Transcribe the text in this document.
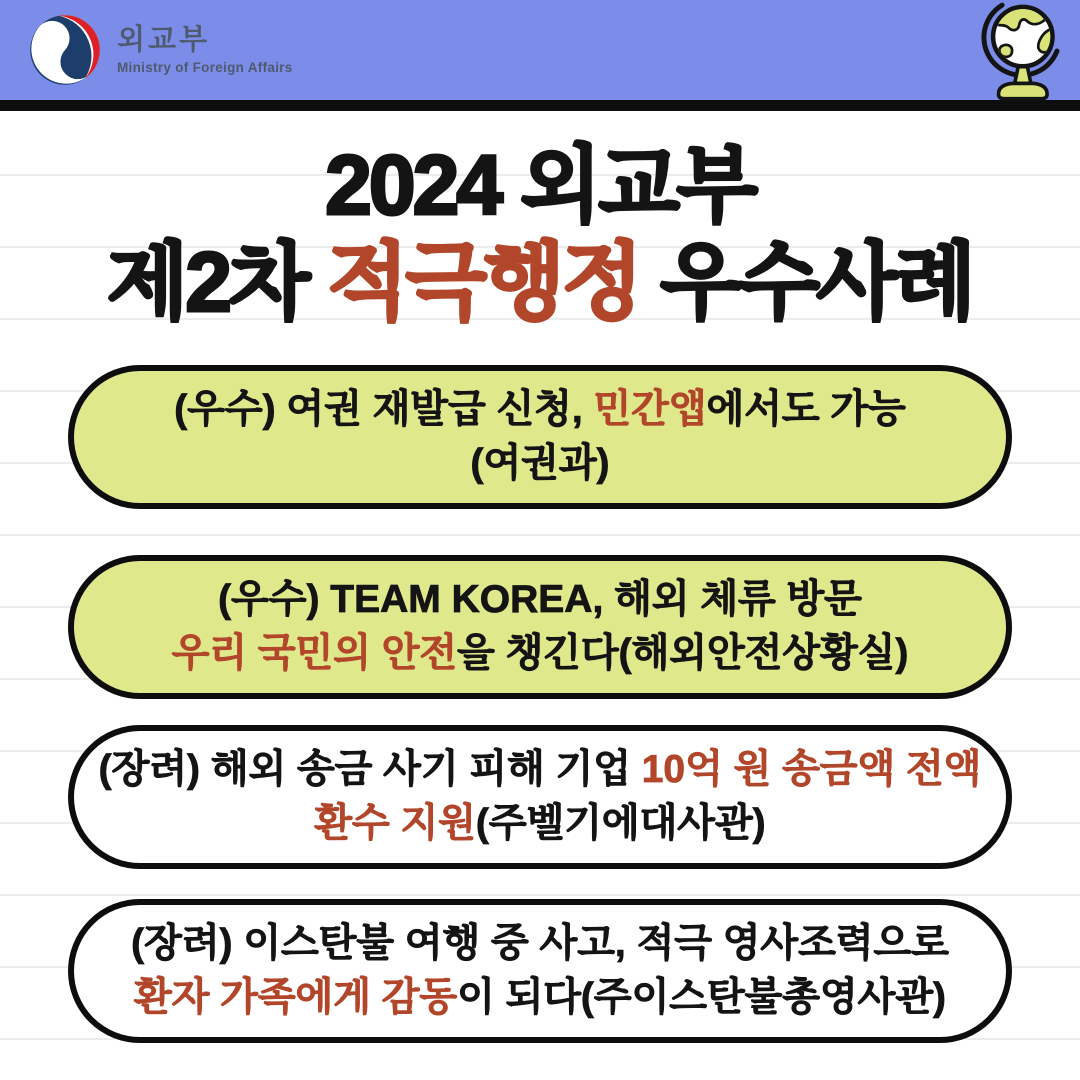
외교부
Ministry of Foreign Affairs
2024 외교부
제2차 적극행정 우수사례
(우수) 여권 재발급 신청, 민간앱에서도 가능
(여권과)
(우수) TEAM KOREA, 해외 체류 방문
우리 국민의 안전을 챙긴다(해외안전상황실)
(장려) 해외 송금 사기 피해 기업 10억 원 송금액 전액
환수 지원(주벨기에대사관)
(장려) 이스탄불 여행 중 사고, 적극 영사조력으로
환자 가족에게 감동이 되다(주이스탄불총영사관)
